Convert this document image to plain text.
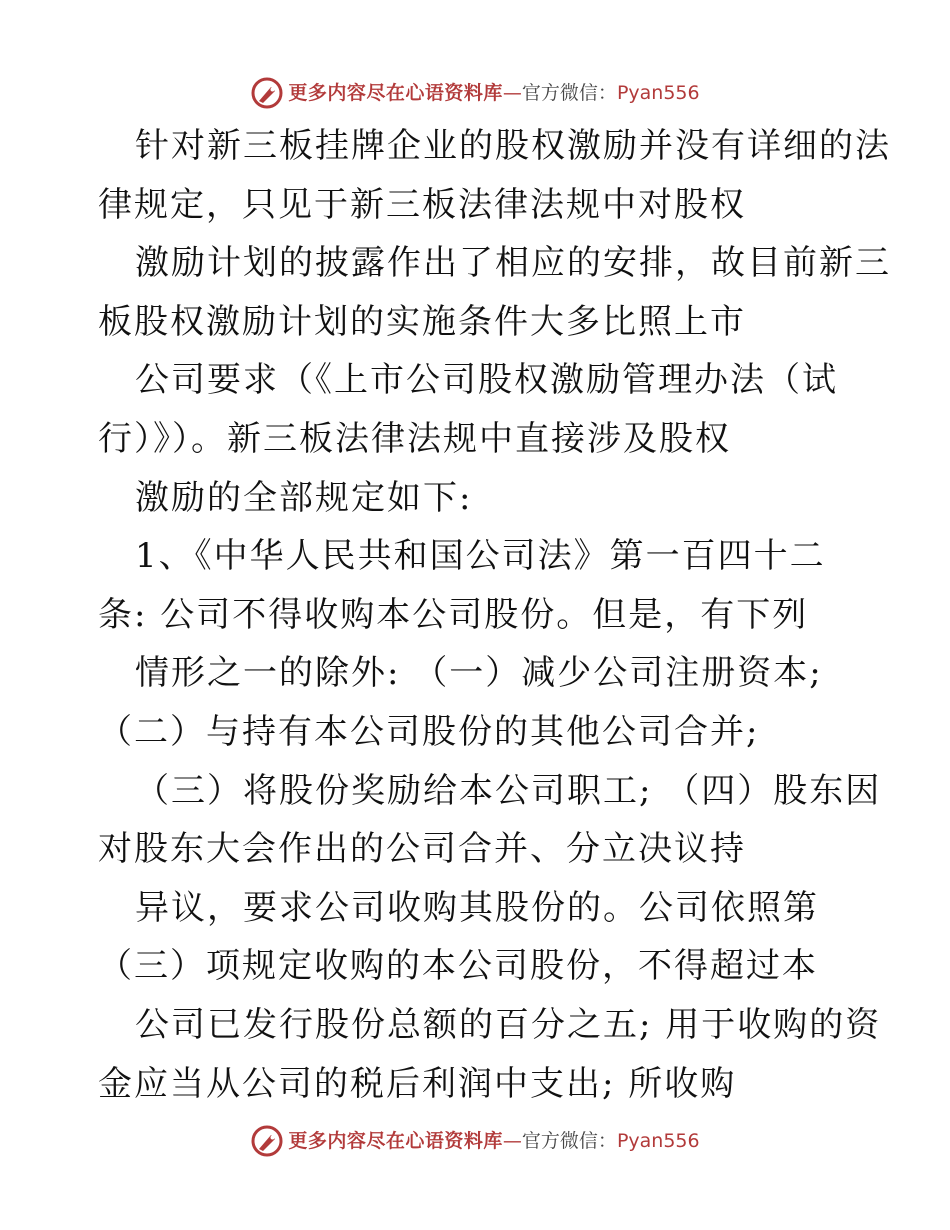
更多内容尽在心语资料库 — 官方微信： Pyan556
针对新三板挂牌企业的股权激励并没有详细的法
律规定，只见于新三板法律法规中对股权
激励计划的披露作出了相应的安排，故目前新三
板股权激励计划的实施条件大多比照上市
公司要求（《上市公司股权激励管理办法（试
行）》）。新三板法律法规中直接涉及股权
激励的全部规定如下:
1、《中华人民共和国公司法》第一百四十二
条: 公司不得收购本公司股份。但是，有下列
情形之一的除外: （一）减少公司注册资本;
（二）与持有本公司股份的其他公司合并;
（三）将股份奖励给本公司职工; （四）股东因
对股东大会作出的公司合并、分立决议持
异议，要求公司收购其股份的。公司依照第
（三）项规定收购的本公司股份，不得超过本
公司已发行股份总额的百分之五; 用于收购的资
金应当从公司的税后利润中支出; 所收购
更多内容尽在心语资料库 — 官方微信： Pyan556
